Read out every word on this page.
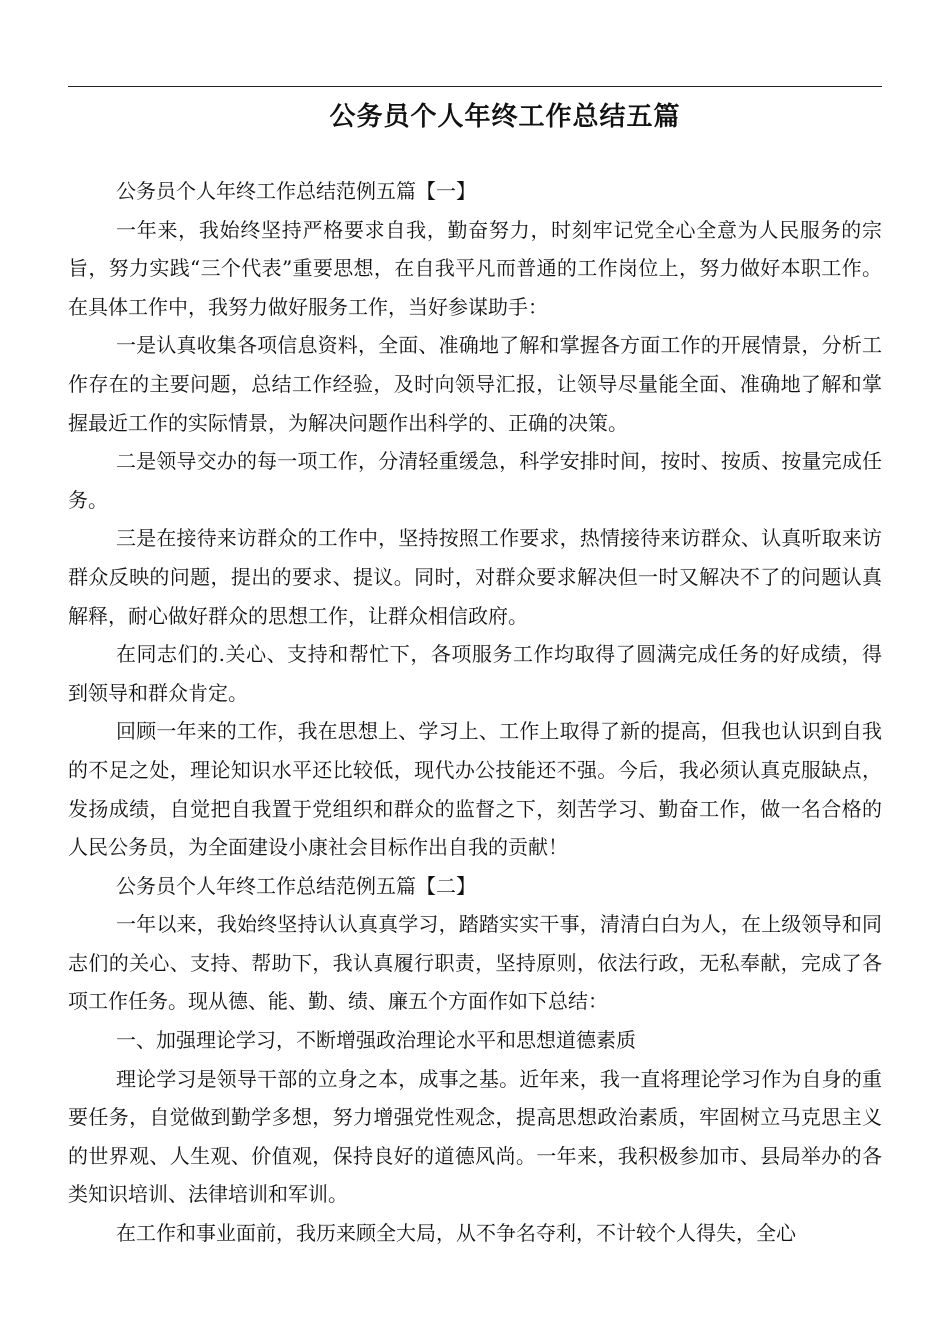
公务员个人年终工作总结五篇

公务员个人年终工作总结范例五篇【一】

一年来，我始终坚持严格要求自我，勤奋努力，时刻牢记党全心全意为人民服务的宗旨，努力实践“三个代表”重要思想，在自我平凡而普通的工作岗位上，努力做好本职工作。在具体工作中，我努力做好服务工作，当好参谋助手：

一是认真收集各项信息资料，全面、准确地了解和掌握各方面工作的开展情景，分析工作存在的主要问题，总结工作经验，及时向领导汇报，让领导尽量能全面、准确地了解和掌握最近工作的实际情景，为解决问题作出科学的、正确的决策。

二是领导交办的每一项工作，分清轻重缓急，科学安排时间，按时、按质、按量完成任务。

三是在接待来访群众的工作中，坚持按照工作要求，热情接待来访群众、认真听取来访群众反映的问题，提出的要求、提议。同时，对群众要求解决但一时又解决不了的问题认真解释，耐心做好群众的思想工作，让群众相信政府。

在同志们的.关心、支持和帮忙下，各项服务工作均取得了圆满完成任务的好成绩，得到领导和群众肯定。

回顾一年来的工作，我在思想上、学习上、工作上取得了新的提高，但我也认识到自我的不足之处，理论知识水平还比较低，现代办公技能还不强。今后，我必须认真克服缺点，发扬成绩，自觉把自我置于党组织和群众的监督之下，刻苦学习、勤奋工作，做一名合格的人民公务员，为全面建设小康社会目标作出自我的贡献！

公务员个人年终工作总结范例五篇【二】

一年以来，我始终坚持认认真真学习，踏踏实实干事，清清白白为人，在上级领导和同志们的关心、支持、帮助下，我认真履行职责，坚持原则，依法行政，无私奉献，完成了各项工作任务。现从德、能、勤、绩、廉五个方面作如下总结：

一、加强理论学习，不断增强政治理论水平和思想道德素质

理论学习是领导干部的立身之本，成事之基。近年来，我一直将理论学习作为自身的重要任务，自觉做到勤学多想，努力增强党性观念，提高思想政治素质，牢固树立马克思主义的世界观、人生观、价值观，保持良好的道德风尚。一年来，我积极参加市、县局举办的各类知识培训、法律培训和军训。

在工作和事业面前，我历来顾全大局，从不争名夺利，不计较个人得失，全心
